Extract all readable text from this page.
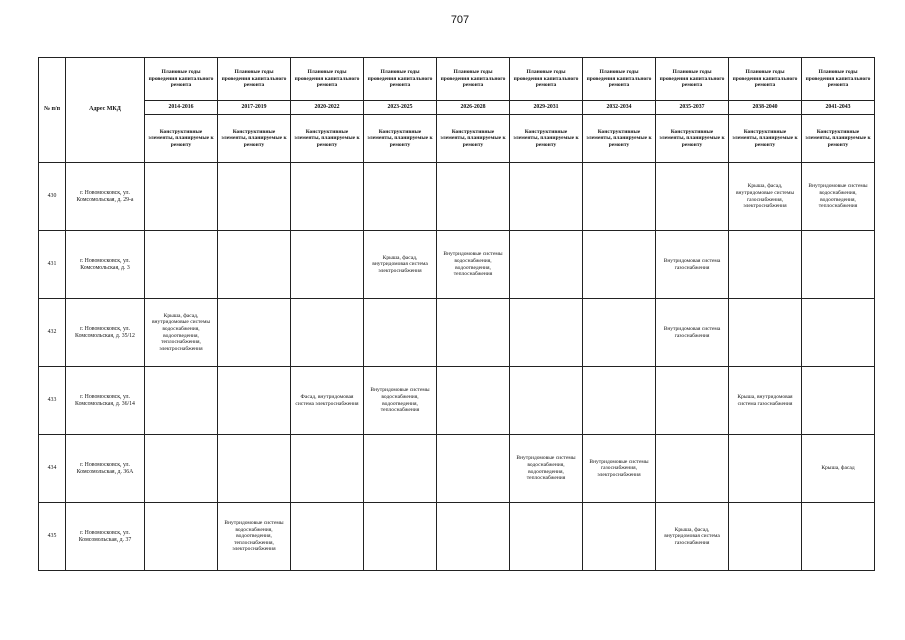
707
№ п/п	Адрес МКД	Плановые годы проведения капитального ремонта	Плановые годы проведения капитального ремонта	Плановые годы проведения капитального ремонта	Плановые годы проведения капитального ремонта	Плановые годы проведения капитального ремонта	Плановые годы проведения капитального ремонта	Плановые годы проведения капитального ремонта	Плановые годы проведения капитального ремонта	Плановые годы проведения капитального ремонта	Плановые годы проведения капитального ремонта
		2014-2016	2017-2019	2020-2022	2023-2025	2026-2028	2029-2031	2032-2034	2035-2037	2038-2040	2041-2043
		Конструктивные элементы, планируемые к ремонту	Конструктивные элементы, планируемые к ремонту	Конструктивные элементы, планируемые к ремонту	Конструктивные элементы, планируемые к ремонту	Конструктивные элементы, планируемые к ремонту	Конструктивные элементы, планируемые к ремонту	Конструктивные элементы, планируемые к ремонту	Конструктивные элементы, планируемые к ремонту	Конструктивные элементы, планируемые к ремонту	Конструктивные элементы, планируемые к ремонту
430	г. Новомосковск, ул. Комсомольская, д. 29-а									Крыша, фасад, внутридомовые системы газоснабжения, электроснабжения	Внутридомовые системы водоснабжения, водоотведения, теплоснабжения
431	г. Новомосковск, ул. Комсомольская, д. 3				Крыша, фасад, внутридомовая система электроснабжения	Внутридомовые системы водоснабжения, водоотведения, теплоснабжения			Внутридомовая система газоснабжения		
432	г. Новомосковск, ул. Комсомольская, д. 35/12	Крыша, фасад, внутридомовые системы водоснабжения, водоотведения, теплоснабжения, электроснабжения							Внутридомовая система газоснабжения		
433	г. Новомосковск, ул. Комсомольская, д. 36/14			Фасад, внутридомовая система электроснабжения	Внутридомовые системы водоснабжения, водоотведения, теплоснабжения					Крыша, внутридомовая система газоснабжения	
434	г. Новомосковск, ул. Комсомольская, д. 36А						Внутридомовые системы водоснабжения, водоотведения, теплоснабжения	Внутридомовые системы газоснабжения, электроснабжения			Крыша, фасад
435	г. Новомосковск, ул. Комсомольская, д. 37		Внутридомовые системы водоснабжения, водоотведения, теплоснабжения, электроснабжения						Крыша, фасад, внутридомовая система газоснабжения		
